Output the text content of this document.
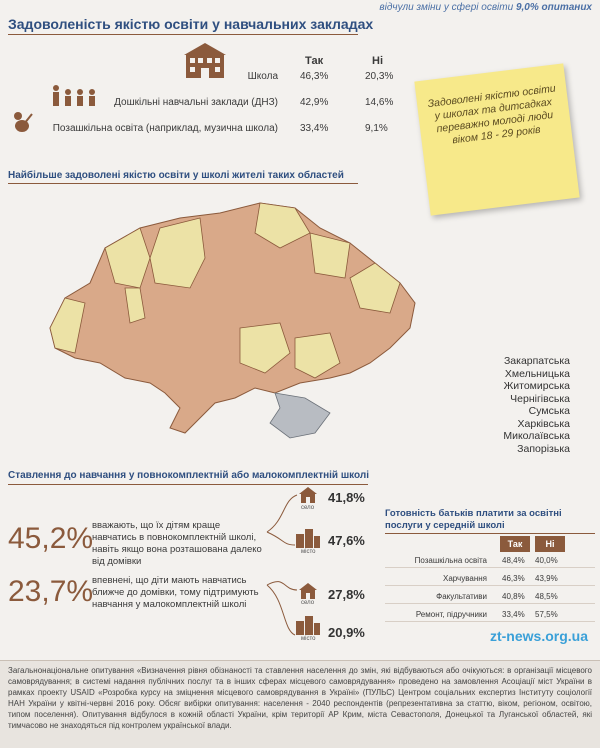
відчули зміни у сфері освіти 9,0% опитаних
Задоволеність якістю освіти у навчальних закладах
Так	Ні
Школа 46,3%	20,3%
Дошкільні навчальні заклади (ДНЗ) 42,9%	14,6%
Позашкільна освіта (наприклад, музична школа) 33,4%	9,1%
Задоволені якістю освіти у школах та дитсадках переважно молоді люди віком 18 - 29 років
Найбільше задоволені якістю освіти у школі жителі таких областей
Закарпатська
Хмельницька
Житомирська
Чернігівська
Сумська
Харківська
Миколаївська
Запорізька
Ставлення до навчання у повнокомплектній або малокомплектній школі
45,2%
вважають, що їх дітям краще навчатись в повнокомплектній школі, навіть якщо вона розташована далеко від домівки
23,7%
впевнені, що діти мають навчатись ближче до домівки, тому підтримують навчання у малокомплектній школі
село
41,8%
місто
47,6%
село
27,8%
місто 20,9%
Готовність батьків платити за освітні послуги у середній школі
Так	Ні
Позашкільна освіта 48,4% 40,0%
Харчування 46,3% 43,9%
Факультативи 40,8% 48,5%
Ремонт, підручники 33,4% 57,5%
zt-news.org.ua

Загальнонаціональне опитування «Визначення рівня обізнаності та ставлення населення до змін, які відбуваються або очікуються: в організації місцевого самоврядування; в системі надання публічних послуг та в інших сферах місцевого самоврядування» проведено на замовлення Асоціації міст України в рамках проекту USAID «Розробка курсу на зміцнення місцевого самоврядування в Україні» (ПУЛЬС) Центром соціальних експертиз Інституту соціології НАН України у квітні-червні 2016 року. Обсяг вибірки опитування: населення - 2040 респондентів (репрезентативна за статтю, віком, регіоном, освітою, типом поселення). Опитування відбулося в кожній області України, крім території АР Крим, міста Севастополя, Донецької та Луганської областей, які тимчасово не знаходяться під контролем української влади.
